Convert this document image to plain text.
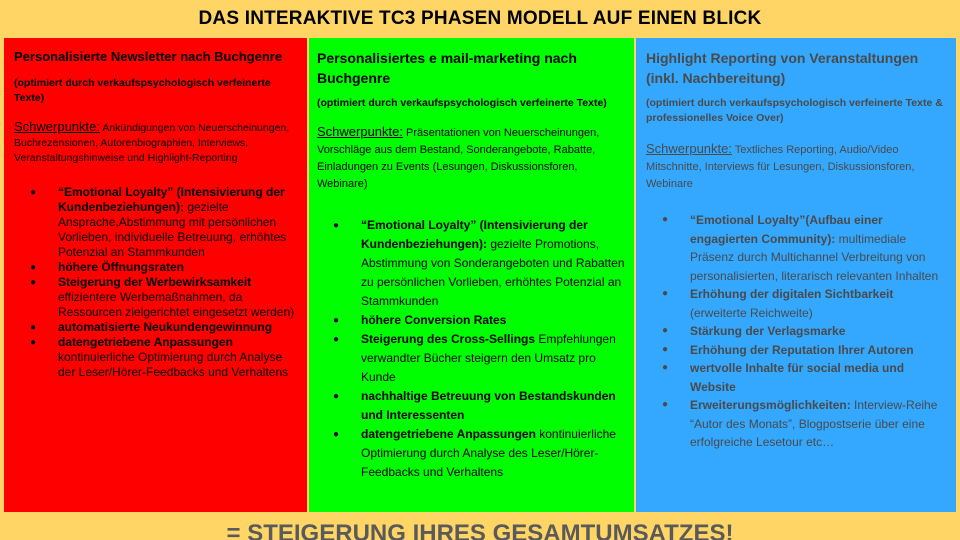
DAS INTERAKTIVE TC3 PHASEN MODELL AUF EINEN BLICK

Personalisierte Newsletter nach Buchgenre

(optimiert durch verkaufspsychologisch verfeinerte Texte)

Schwerpunkte: Ankündigungen von Neuerscheinungen, Buchrezensionen, Autorenbiographien, Interviews, Veranstaltungshinweise und Highlight-Reporting

● “Emotional Loyalty” (Intensivierung der Kundenbeziehungen): gezielte Ansprache,Abstimmung mit persönlichen Vorlieben, individuelle Betreuung, erhöhtes Potenzial an Stammkunden
● höhere Öffnungsraten
● Steigerung der Werbewirksamkeit effizientere Werbemaßnahmen, da Ressourcen zielgerichtet eingesetzt werden)
● automatisierte Neukundengewinnung
● datengetriebene Anpassungen kontinuierliche Optimierung durch Analyse der Leser/Hörer-Feedbacks und Verhaltens

Personalisiertes e mail-marketing nach Buchgenre

(optimiert durch verkaufspsychologisch verfeinerte Texte)

Schwerpunkte: Präsentationen von Neuerscheinungen, Vorschläge aus dem Bestand, Sonderangebote, Rabatte, Einladungen zu Events (Lesungen, Diskussionsforen, Webinare)

● “Emotional Loyalty” (Intensivierung der Kundenbeziehungen): gezielte Promotions, Abstimmung von Sonderangeboten und Rabatten zu persönlichen Vorlieben, erhöhtes Potenzial an Stammkunden
● höhere Conversion Rates
● Steigerung des Cross-Sellings Empfehlungen verwandter Bücher steigern den Umsatz pro Kunde
● nachhaltige Betreuung von Bestandskunden und Interessenten
● datengetriebene Anpassungen kontinuierliche Optimierung durch Analyse des Leser/Hörer-Feedbacks und Verhaltens

Highlight Reporting von Veranstaltungen (inkl. Nachbereitung)

(optimiert durch verkaufspsychologisch verfeinerte Texte & professionelles Voice Over)

Schwerpunkte: Textliches Reporting, Audio/Video Mitschnitte, Interviews für Lesungen, Diskussionsforen, Webinare

● “Emotional Loyalty”(Aufbau einer engagierten Community): multimediale Präsenz durch Multichannel Verbreitung von personalisierten, literarisch relevanten Inhalten
● Erhöhung der digitalen Sichtbarkeit (erweiterte Reichweite)
● Stärkung der Verlagsmarke
● Erhöhung der Reputation Ihrer Autoren
● wertvolle Inhalte für social media und Website
● Erweiterungsmöglichkeiten: Interview-Reihe “Autor des Monats”, Blogpostserie über eine erfolgreiche Lesetour etc…
= STEIGERUNG IHRES GESAMTUMSATZES!
